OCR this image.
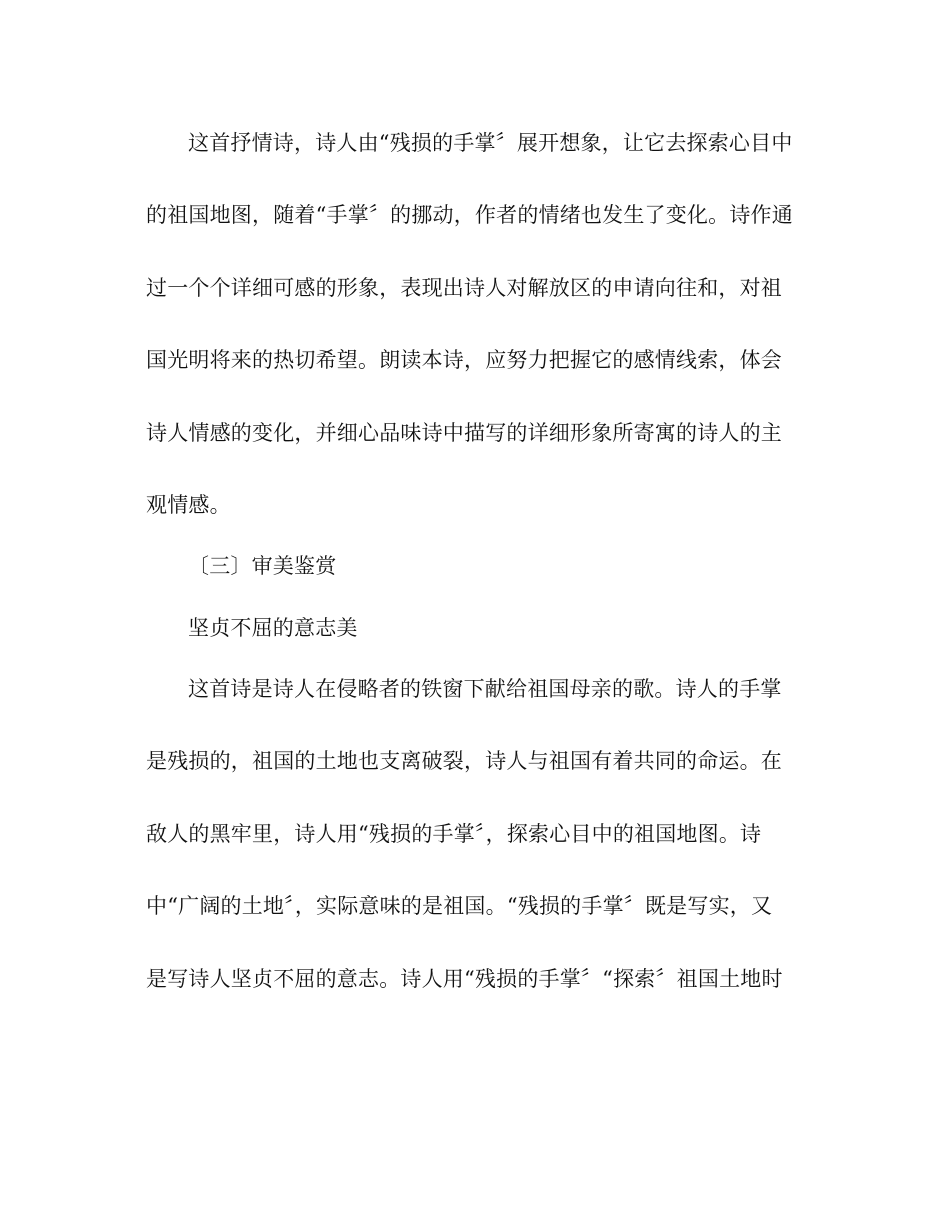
这首抒情诗，诗人由“残损的手掌〞展开想象，让它去探索心目中
的祖国地图，随着“手掌〞的挪动，作者的情绪也发生了变化。诗作通
过一个个详细可感的形象，表现出诗人对解放区的申请向往和，对祖
国光明将来的热切希望。朗读本诗，应努力把握它的感情线索，体会
诗人情感的变化，并细心品味诗中描写的详细形象所寄寓的诗人的主
观情感。
〔三〕审美鉴赏
坚贞不屈的意志美
这首诗是诗人在侵略者的铁窗下献给祖国母亲的歌。诗人的手掌
是残损的，祖国的土地也支离破裂，诗人与祖国有着共同的命运。在
敌人的黑牢里，诗人用“残损的手掌〞，探索心目中的祖国地图。诗
中“广阔的土地〞，实际意味的是祖国。“残损的手掌〞既是写实，又
是写诗人坚贞不屈的意志。诗人用“残损的手掌〞“探索〞祖国土地时
